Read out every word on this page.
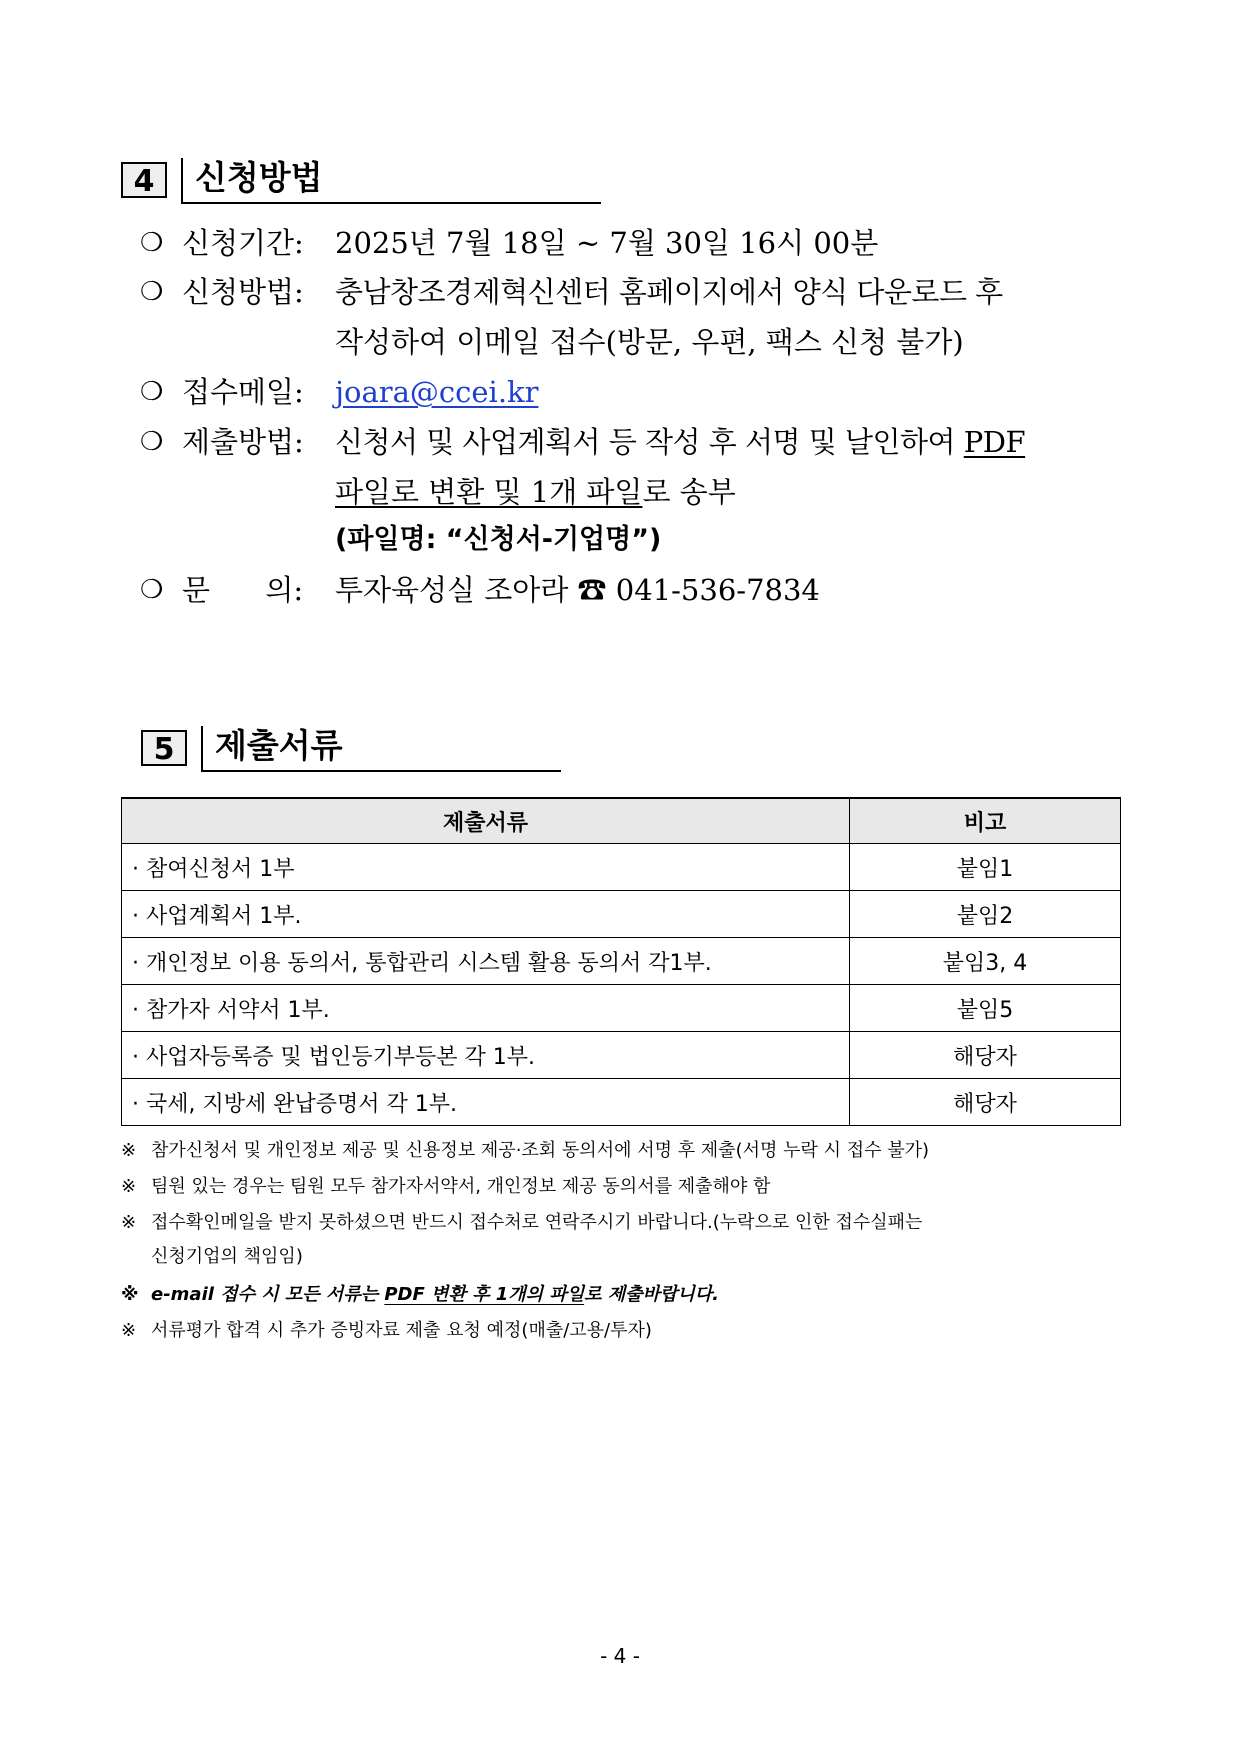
4	신청방법
❍ 신청기간: 2025년 7월 18일 ~ 7월 30일 16시 00분
❍ 신청방법: 충남창조경제혁신센터 홈페이지에서 양식 다운로드 후
작성하여 이메일 접수(방문, 우편, 팩스 신청 불가)
❍ 접수메일: joara@ccei.kr
❍ 제출방법: 신청서 및 사업계획서 등 작성 후 서명 및 날인하여 PDF
파일로 변환 및 1개 파일로 송부
(파일명: “신청서-기업명”)
❍ 문      의: 투자육성실 조아라 ☎ 041-536-7834
5	제출서류
제출서류	비고
· 참여신청서 1부	붙임1
· 사업계획서 1부.	붙임2
· 개인정보 이용 동의서, 통합관리 시스템 활용 동의서 각1부.	붙임3, 4
· 참가자 서약서 1부.	붙임5
· 사업자등록증 및 법인등기부등본 각 1부.	해당자
· 국세, 지방세 완납증명서 각 1부.	해당자
※ 참가신청서 및 개인정보 제공 및 신용정보 제공·조회 동의서에 서명 후 제출(서명 누락 시 접수 불가)
※ 팀원 있는 경우는 팀원 모두 참가자서약서, 개인정보 제공 동의서를 제출해야 함
※ 접수확인메일을 받지 못하셨으면 반드시 접수처로 연락주시기 바랍니다.(누락으로 인한 접수실패는
신청기업의 책임임)
※ e-mail 접수 시 모든 서류는 PDF 변환 후 1개의 파일로 제출바랍니다.
※ 서류평가 합격 시 추가 증빙자료 제출 요청 예정(매출/고용/투자)
- 4 -
